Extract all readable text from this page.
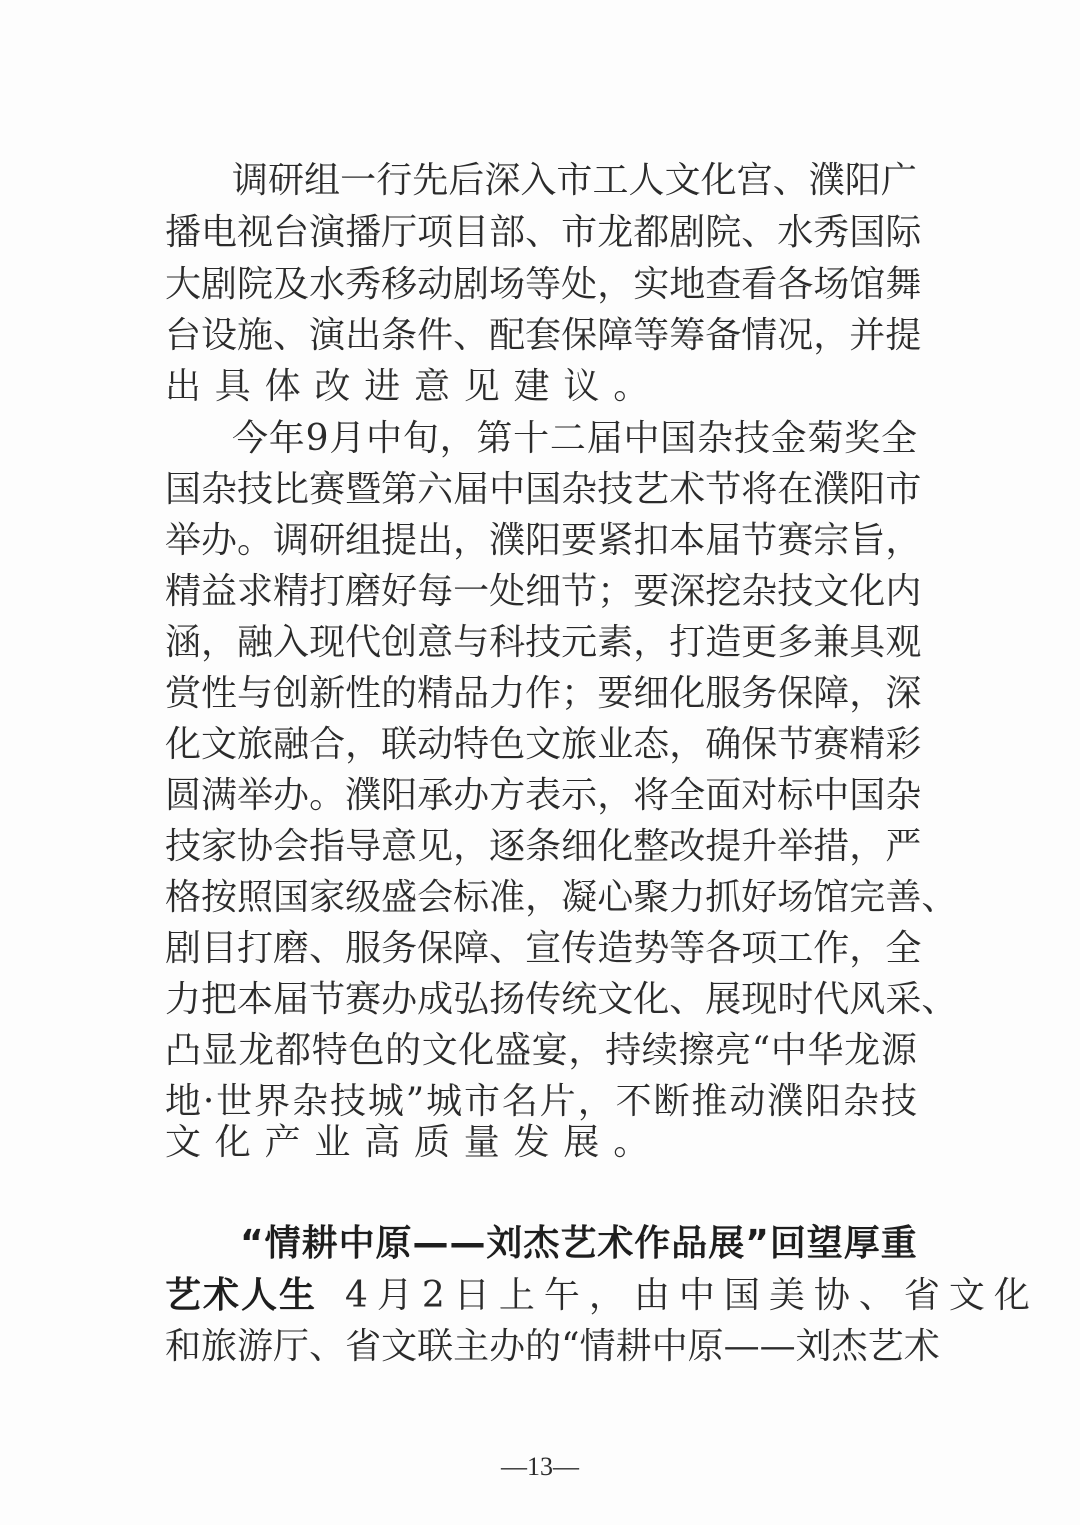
调 研 组 一 行 先 后 深 入 市 工 人 文 化 宫 、 濮 阳 广
播 电 视 台 演 播 厅 项 目 部 、 市 龙 都 剧 院 、 水 秀 国 际
大 剧 院 及 水 秀 移 动 剧 场 等 处 ， 实 地 查 看 各 场 馆 舞
台 设 施 、 演 出 条 件 、 配 套 保 障 等 筹 备 情 况 ， 并 提
出具体改进意见建议。
今 年 9 月 中 旬 ， 第 十 二 届 中 国 杂 技 金 菊 奖 全
国 杂 技 比 赛 暨 第 六 届 中 国 杂 技 艺 术 节 将 在 濮 阳 市
举 办 。 调 研 组 提 出 ， 濮 阳 要 紧 扣 本 届 节 赛 宗 旨 ，
精 益 求 精 打 磨 好 每 一 处 细 节 ； 要 深 挖 杂 技 文 化 内
涵 ， 融 入 现 代 创 意 与 科 技 元 素 ， 打 造 更 多 兼 具 观
赏 性 与 创 新 性 的 精 品 力 作 ； 要 细 化 服 务 保 障 ， 深
化 文 旅 融 合 ， 联 动 特 色 文 旅 业 态 ， 确 保 节 赛 精 彩
圆 满 举 办 。 濮 阳 承 办 方 表 示 ， 将 全 面 对 标 中 国 杂
技 家 协 会 指 导 意 见 ， 逐 条 细 化 整 改 提 升 举 措 ， 严
格 按 照 国 家 级 盛 会 标 准 ， 凝 心 聚 力 抓 好 场 馆 完 善 、
剧 目 打 磨 、 服 务 保 障 、 宣 传 造 势 等 各 项 工 作 ， 全
力 把 本 届 节 赛 办 成 弘 扬 传 统 文 化 、 展 现 时 代 风 采 、
凸 显 龙 都 特 色 的 文 化 盛 宴 ， 持 续 擦 亮 “ 中 华 龙 源
地 · 世 界 杂 技 城 ” 城 市 名 片 ， 不 断 推 动 濮 阳 杂 技
文化产业高质量发展。
“ 情 耕 中 原 — — 刘 杰 艺 术 作 品 展 ” 回 望 厚 重
艺术人生 4月2日上午，由中国美协、省文化
和 旅 游 厅 、 省 文 联 主 办 的 “ 情 耕 中 原 — — 刘 杰 艺 术
—13—
